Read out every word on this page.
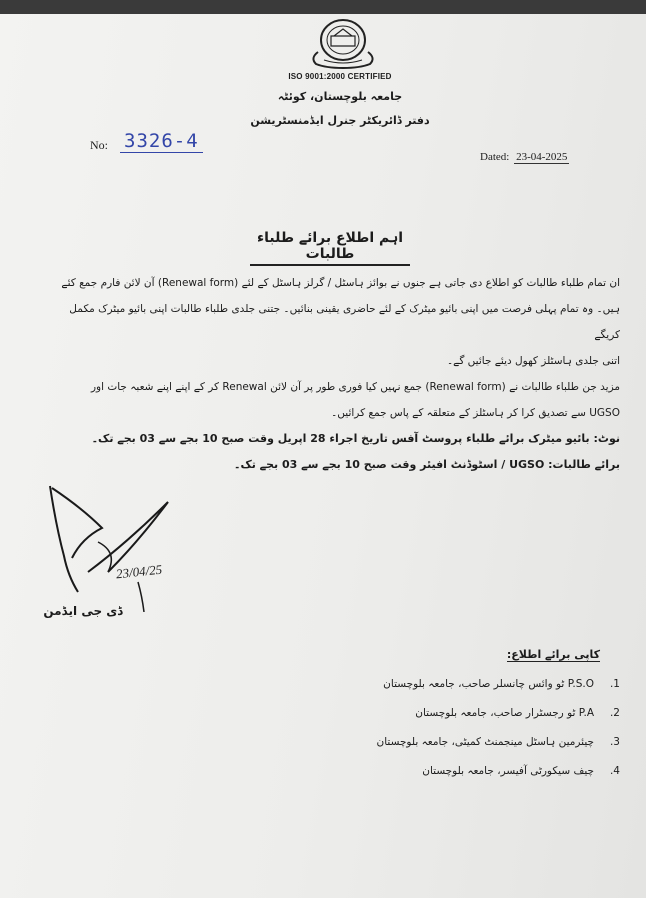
ISO 9001:2000 CERTIFIED
جامعہ بلوچستان، کوئٹہ
دفتر ڈائریکٹر جنرل ایڈمنسٹریشن
No: 3326-4
Dated: 23-04-2025
اہم اطلاع برائے طلباء طالبات

ان تمام طلباء طالبات کو اطلاع دی جاتی ہے جنوں نے بوائز ہاسٹل / گرلز ہاسٹل کے لئے (Renewal form) آن لائن فارم جمع کئے

ہیں۔ وہ تمام پہلی فرصت میں اپنی بائیو میٹرک کے لئے حاضری یقینی بنائیں۔ جتنی جلدی طلباء طالبات اپنی بائیو میٹرک مکمل کریگے

اتنی جلدی ہاسٹلز کھول دیئے جائیں گے۔

مزید جن طلباء طالبات نے (Renewal form) جمع نہیں کیا فوری طور پر آن لائن Renewal کر کے اپنے اپنے شعبہ جات اور

UGSO سے تصدیق کرا کر ہاسٹلز کے متعلقہ کے پاس جمع کرائیں۔

نوٹ: بائیو میٹرک برائے طلباء پروسٹ آفس تاریخ اجراء 28 اپریل وقت صبح 10 بجے سے 03 بجے تک۔

برائے طالبات: UGSO / اسٹوڈنٹ افیئر وقت صبح 10 بجے سے 03 بجے تک۔

23/04/25
ڈی جی ایڈمن
کاپی برائے اطلاع:
.1
P.S.O ٹو وائس چانسلر صاحب، جامعہ بلوچستان
.2
P.A ٹو رجسٹرار صاحب، جامعہ بلوچستان
.3
چیئرمین ہاسٹل مینجمنٹ کمیٹی، جامعہ بلوچستان
.4
چیف سیکورٹی آفیسر، جامعہ بلوچستان
